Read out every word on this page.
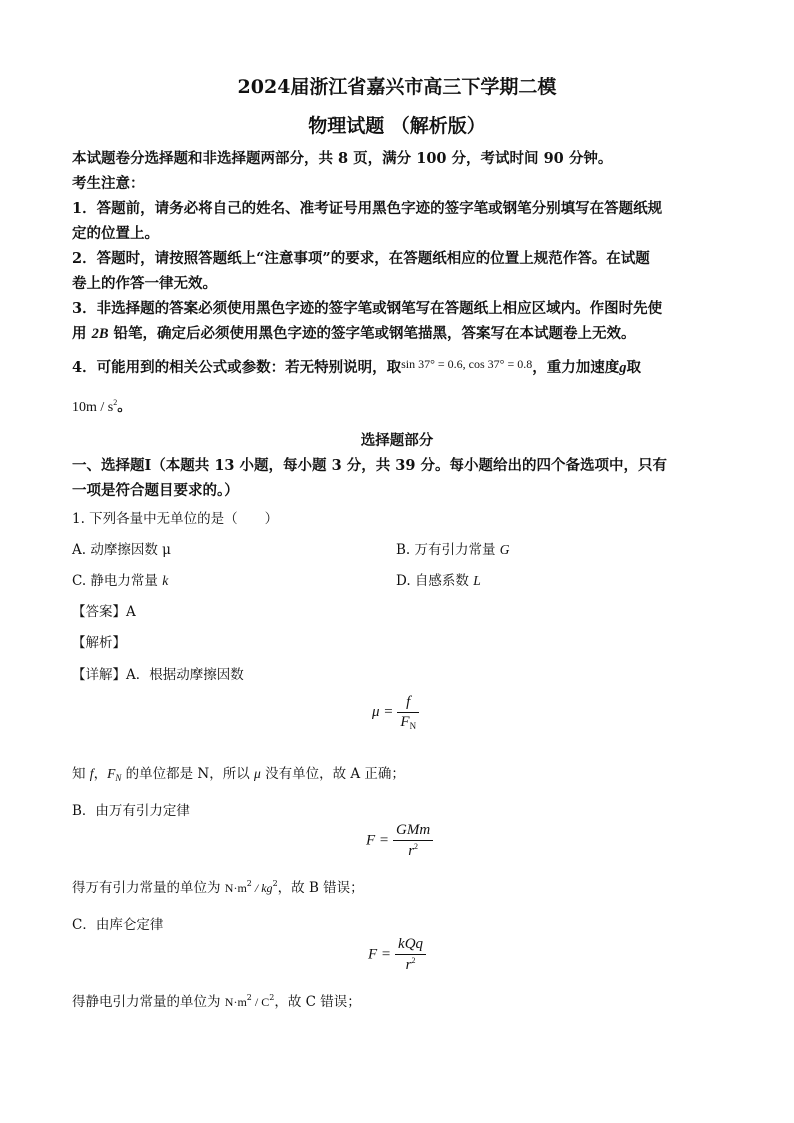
2024届浙江省嘉兴市高三下学期二模
物理试题 （解析版）
本试题卷分选择题和非选择题两部分，共 8 页，满分 100 分，考试时间 90 分钟。
考生注意：
1．答题前，请务必将自己的姓名、准考证号用黑色字迹的签字笔或钢笔分别填写在答题纸规
定的位置上。
2．答题时，请按照答题纸上“注意事项”的要求，在答题纸相应的位置上规范作答。在试题
卷上的作答一律无效。
3．非选择题的答案必须使用黑色字迹的签字笔或钢笔写在答题纸上相应区域内。作图时先使
用 2B 铅笔，确定后必须使用黑色字迹的签字笔或钢笔描黑，答案写在本试题卷上无效。
4．可能用到的相关公式或参数：若无特别说明，取$^{sin 37^\circ = 0.6, cos 37^\circ = 0.8}$，重力加速度g取
$10m / s^2$。
选择题部分
一、选择题Ⅰ（本题共 13 小题，每小题 3 分，共 39 分。每小题给出的四个备选项中，只有
一项是符合题目要求的。）
1. 下列各量中无单位的是（　　）
A. 动摩擦因数 μ	B. 万有引力常量 G
C. 静电力常量 k	D. 自感系数 L
【答案】A
【解析】
【详解】A．根据动摩擦因数
$\mu = \frac{f}{F_N}$
知 f，$F_N$ 的单位都是 N，所以 μ 没有单位，故 A 正确；
B．由万有引力定律
$F = \frac{\text{GMm}}{r^2}$
得万有引力常量的单位为 $N\cdot m^2 / kg^2$，故 B 错误；
C．由库仑定律
$F = \frac{\text{kQq}}{r^2}$
得静电引力常量的单位为 $N\cdot m^2 / C^2$，故 C 错误；
